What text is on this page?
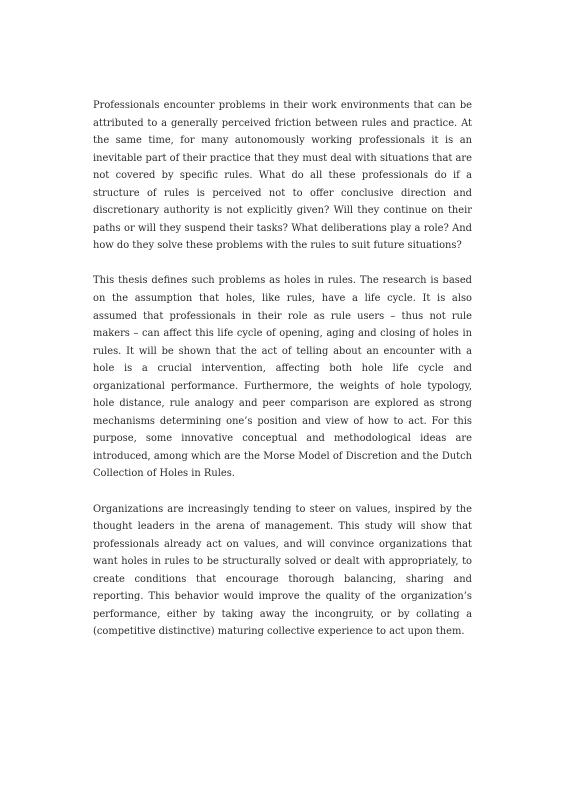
Professionals encounter problems in their work environments that can be attributed to a generally perceived friction between rules and practice. At the same time, for many autonomously working professionals it is an inevitable part of their practice that they must deal with situations that are not covered by specific rules. What do all these professionals do if a structure of rules is perceived not to offer conclusive direction and discretionary authority is not explicitly given? Will they continue on their paths or will they suspend their tasks? What deliberations play a role? And how do they solve these problems with the rules to suit future situations?

This thesis defines such problems as holes in rules. The research is based on the assumption that holes, like rules, have a life cycle. It is also assumed that professionals in their role as rule users – thus not rule makers – can affect this life cycle of opening, aging and closing of holes in rules. It will be shown that the act of telling about an encounter with a hole is a crucial intervention, affecting both hole life cycle and organizational performance. Furthermore, the weights of hole typology, hole distance, rule analogy and peer comparison are explored as strong mechanisms determining one’s position and view of how to act. For this purpose, some innovative conceptual and methodological ideas are introduced, among which are the Morse Model of Discretion and the Dutch Collection of Holes in Rules.

Organizations are increasingly tending to steer on values, inspired by the thought leaders in the arena of management. This study will show that professionals already act on values, and will convince organizations that want holes in rules to be structurally solved or dealt with appropriately, to create conditions that encourage thorough balancing, sharing and reporting. This behavior would improve the quality of the organization’s performance, either by taking away the incongruity, or by collating a (competitive distinctive) maturing collective experience to act upon them.
